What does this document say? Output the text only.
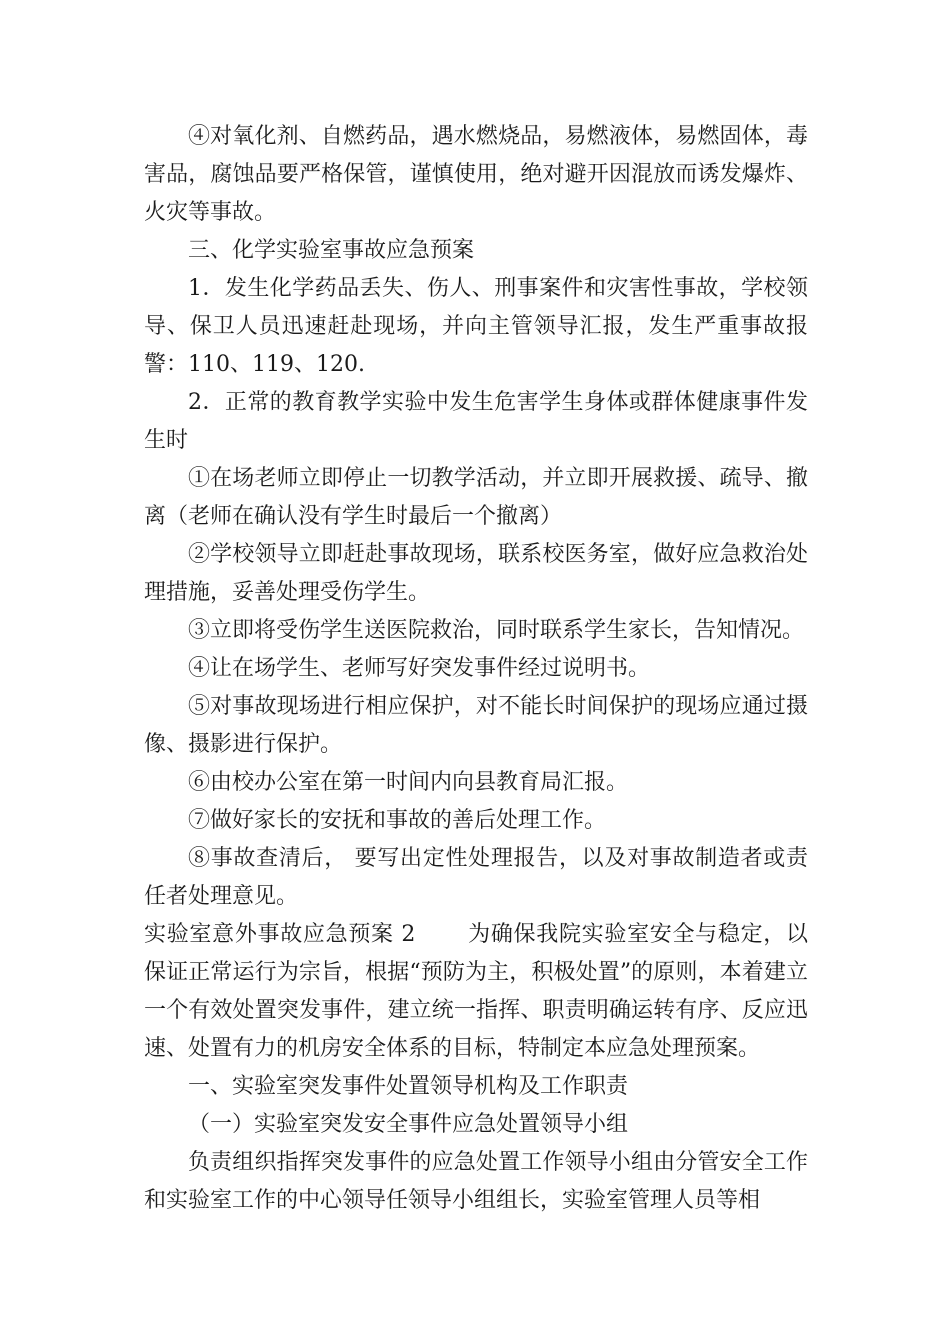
④对氧化剂、自燃药品，遇水燃烧品，易燃液体，易燃固体，毒害品，腐蚀品要严格保管，谨慎使用，绝对避开因混放而诱发爆炸、火灾等事故。

三、化学实验室事故应急预案

1．发生化学药品丢失、伤人、刑事案件和灾害性事故，学校领导、保卫人员迅速赶赴现场，并向主管领导汇报，发生严重事故报警：110、119、120.

2．正常的教育教学实验中发生危害学生身体或群体健康事件发生时

①在场老师立即停止一切教学活动，并立即开展救援、疏导、撤离（老师在确认没有学生时最后一个撤离）

②学校领导立即赶赴事故现场，联系校医务室，做好应急救治处理措施，妥善处理受伤学生。

③立即将受伤学生送医院救治，同时联系学生家长，告知情况。

④让在场学生、老师写好突发事件经过说明书。

⑤对事故现场进行相应保护，对不能长时间保护的现场应通过摄像、摄影进行保护。

⑥由校办公室在第一时间内向县教育局汇报。

⑦做好家长的安抚和事故的善后处理工作。

⑧事故查清后， 要写出定性处理报告，以及对事故制造者或责任者处理意见。

实验室意外事故应急预案 2 为确保我院实验室安全与稳定，以保证正常运行为宗旨，根据“预防为主，积极处置”的原则，本着建立一个有效处置突发事件，建立统一指挥、职责明确运转有序、反应迅速、处置有力的机房安全体系的目标，特制定本应急处理预案。

一、实验室突发事件处置领导机构及工作职责

（一）实验室突发安全事件应急处置领导小组

负责组织指挥突发事件的应急处置工作领导小组由分管安全工作和实验室工作的中心领导任领导小组组长，实验室管理人员等相
